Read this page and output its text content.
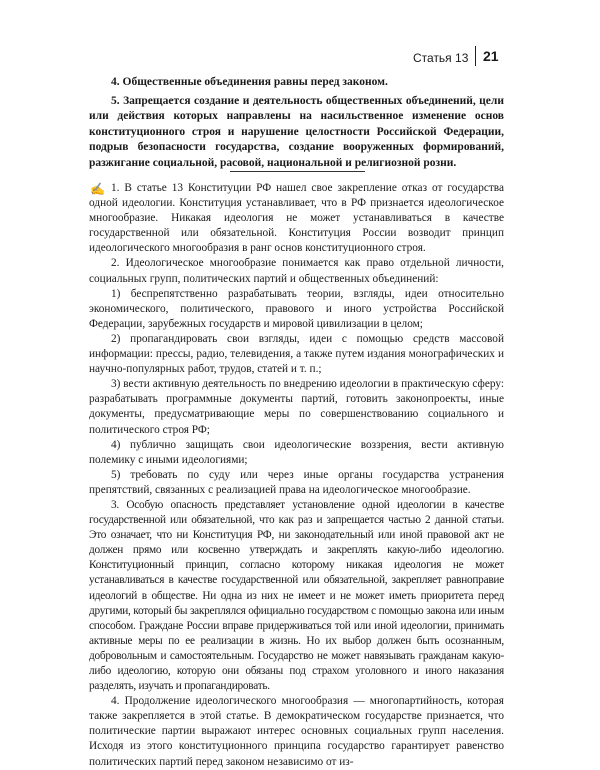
Статья 13 21

4. Общественные объединения равны перед законом.

5. Запрещается создание и деятельность общественных объединений, цели или действия которых направлены на насильственное изменение основ конституционного строя и нарушение целостности Российской Федерации, подрыв безопасности государства, создание вооруженных формирований, разжигание социальной, расовой, национальной и религиозной розни.

✍ 1. В статье 13 Конституции РФ нашел свое закрепление отказ от государства одной идеологии. Конституция устанавливает, что в РФ признается идеологическое многообразие. Никакая идеология не может устанавливаться в качестве государственной или обязательной. Конституция России возводит принцип идеологического многообразия в ранг основ конституционного строя.

2. Идеологическое многообразие понимается как право отдельной личности, социальных групп, политических партий и общественных объединений:

1) беспрепятственно разрабатывать теории, взгляды, идеи относительно экономического, политического, правового и иного устройства Российской Федерации, зарубежных государств и мировой цивилизации в целом;

2) пропагандировать свои взгляды, идеи с помощью средств массовой информации: прессы, радио, телевидения, а также путем издания монографических и научно-популярных работ, трудов, статей и т. п.;

3) вести активную деятельность по внедрению идеологии в практическую сферу: разрабатывать программные документы партий, готовить законопроекты, иные документы, предусматривающие меры по совершенствованию социального и политического строя РФ;

4) публично защищать свои идеологические воззрения, вести активную полемику с иными идеологиями;

5) требовать по суду или через иные органы государства устранения препятствий, связанных с реализацией права на идеологическое многообразие.

3. Особую опасность представляет установление одной идеологии в качестве государственной или обязательной, что как раз и запрещается частью 2 данной статьи. Это означает, что ни Конституция РФ, ни законодательный или иной правовой акт не должен прямо или косвенно утверждать и закреплять какую-либо идеологию. Конституционный принцип, согласно которому никакая идеология не может устанавливаться в качестве государственной или обязательной, закрепляет равноправие идеологий в обществе. Ни одна из них не имеет и не может иметь приоритета перед другими, который бы закреплялся официально государством с помощью закона или иным способом. Граждане России вправе придерживаться той или иной идеологии, принимать активные меры по ее реализации в жизнь. Но их выбор должен быть осознанным, добровольным и самостоятельным. Государство не может навязывать гражданам какую-либо идеологию, которую они обязаны под страхом уголовного и иного наказания разделять, изучать и пропагандировать.

4. Продолжение идеологического многообразия — многопартийность, которая также закрепляется в этой статье. В демократическом государстве признается, что политические партии выражают интерес основных социальных групп населения. Исходя из этого конституционного принципа государство гарантирует равенство политических партий перед законом независимо от из-
